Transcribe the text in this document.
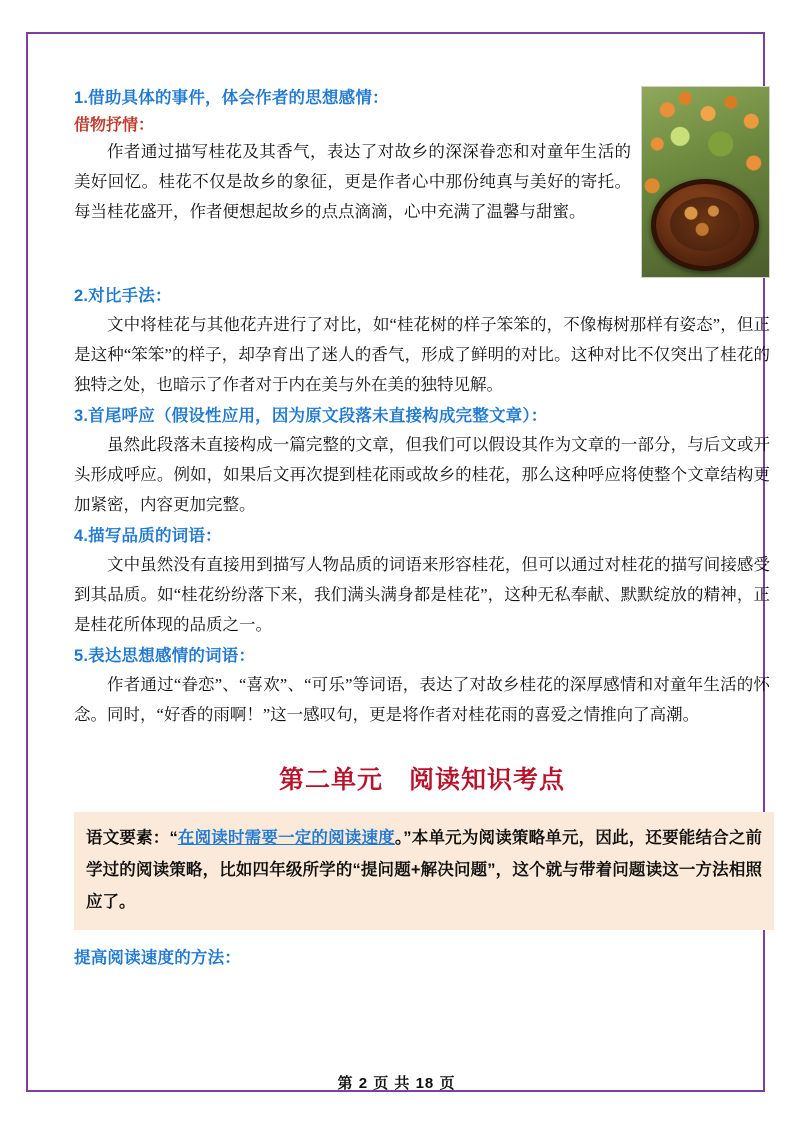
1.借助具体的事件，体会作者的思想感情：
借物抒情：

作者通过描写桂花及其香气，表达了对故乡的深深眷恋和对童年生活的美好回忆。桂花不仅是故乡的象征，更是作者心中那份纯真与美好的寄托。每当桂花盛开，作者便想起故乡的点点滴滴，心中充满了温馨与甜蜜。

2.对比手法：

文中将桂花与其他花卉进行了对比，如“桂花树的样子笨笨的，不像梅树那样有姿态”，但正是这种“笨笨”的样子，却孕育出了迷人的香气，形成了鲜明的对比。这种对比不仅突出了桂花的独特之处，也暗示了作者对于内在美与外在美的独特见解。

3.首尾呼应（假设性应用，因为原文段落未直接构成完整文章）：

虽然此段落未直接构成一篇完整的文章，但我们可以假设其作为文章的一部分，与后文或开头形成呼应。例如，如果后文再次提到桂花雨或故乡的桂花，那么这种呼应将使整个文章结构更加紧密，内容更加完整。

4.描写品质的词语：

文中虽然没有直接用到描写人物品质的词语来形容桂花，但可以通过对桂花的描写间接感受到其品质。如“桂花纷纷落下来，我们满头满身都是桂花”，这种无私奉献、默默绽放的精神，正是桂花所体现的品质之一。

5.表达思想感情的词语：

作者通过“眷恋”、“喜欢”、“可乐”等词语，表达了对故乡桂花的深厚感情和对童年生活的怀念。同时，“好香的雨啊！”这一感叹句，更是将作者对桂花雨的喜爱之情推向了高潮。

第二单元　阅读知识考点

语文要素：“在阅读时需要一定的阅读速度。”本单元为阅读策略单元，因此，还要能结合之前学过的阅读策略，比如四年级所学的“提问题+解决问题”，这个就与带着问题读这一方法相照应了。

提高阅读速度的方法：
第 2 页 共 18 页
